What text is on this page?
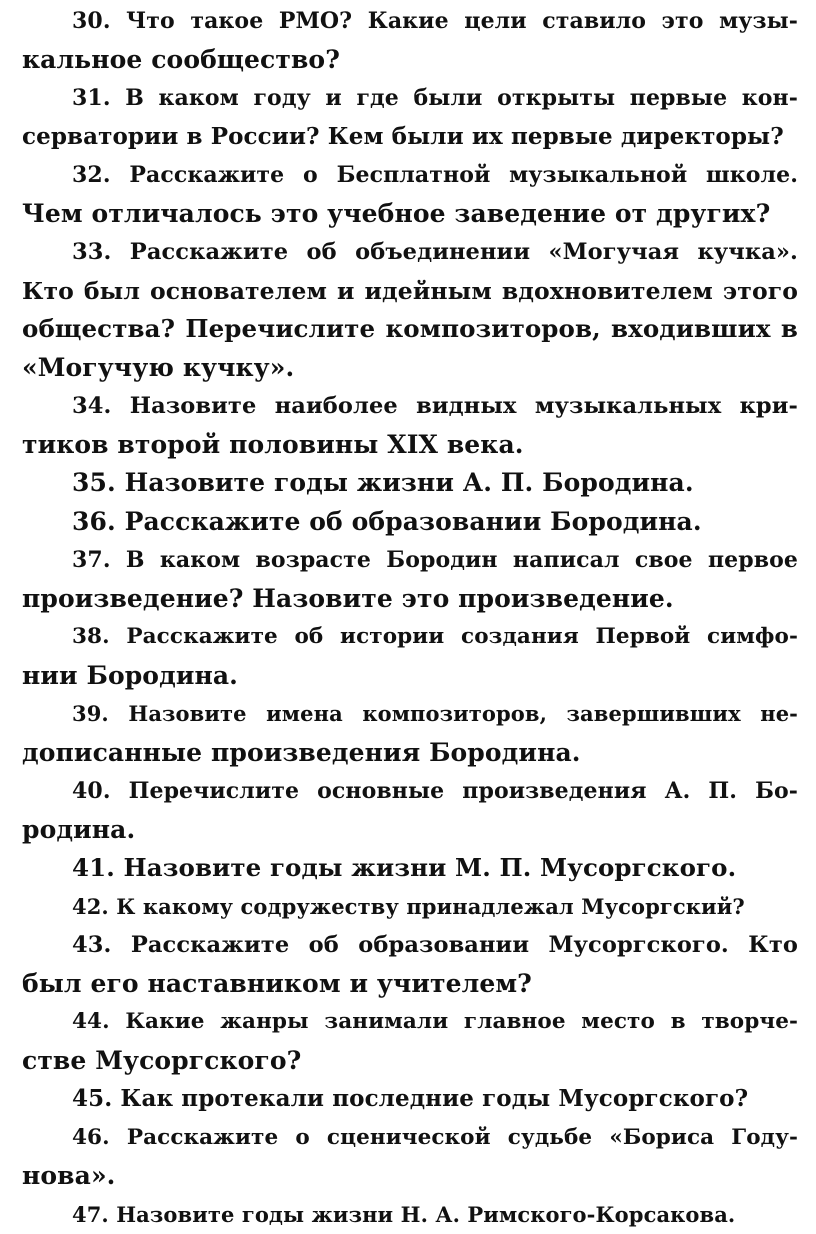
30. Что такое РМО? Какие цели ставило это музы-
кальное сообщество?

31. В каком году и где были открыты первые кон-
серватории в России? Кем были их первые директоры?

32. Расскажите о Бесплатной музыкальной школе.
Чем отличалось это учебное заведение от других?

33. Расскажите об объединении «Могучая кучка».
Кто был основателем и идейным вдохновителем этого
общества? Перечислите композиторов, входивших в
«Могучую кучку».

34. Назовите наиболее видных музыкальных кри-
тиков второй половины XIX века.

35. Назовите годы жизни А. П. Бородина.

36. Расскажите об образовании Бородина.

37. В каком возрасте Бородин написал свое первое
произведение? Назовите это произведение.

38. Расскажите об истории создания Первой симфо-
нии Бородина.

39. Назовите имена композиторов, завершивших не-
дописанные произведения Бородина.

40. Перечислите основные произведения А. П. Бо-
родина.

41. Назовите годы жизни М. П. Мусоргского.

42. К какому содружеству принадлежал Мусоргский?

43. Расскажите об образовании Мусоргского. Кто
был его наставником и учителем?

44. Какие жанры занимали главное место в творче-
стве Мусоргского?

45. Как протекали последние годы Мусоргского?

46. Расскажите о сценической судьбе «Бориса Году-
нова».

47. Назовите годы жизни Н. А. Римского-Корсакова.
